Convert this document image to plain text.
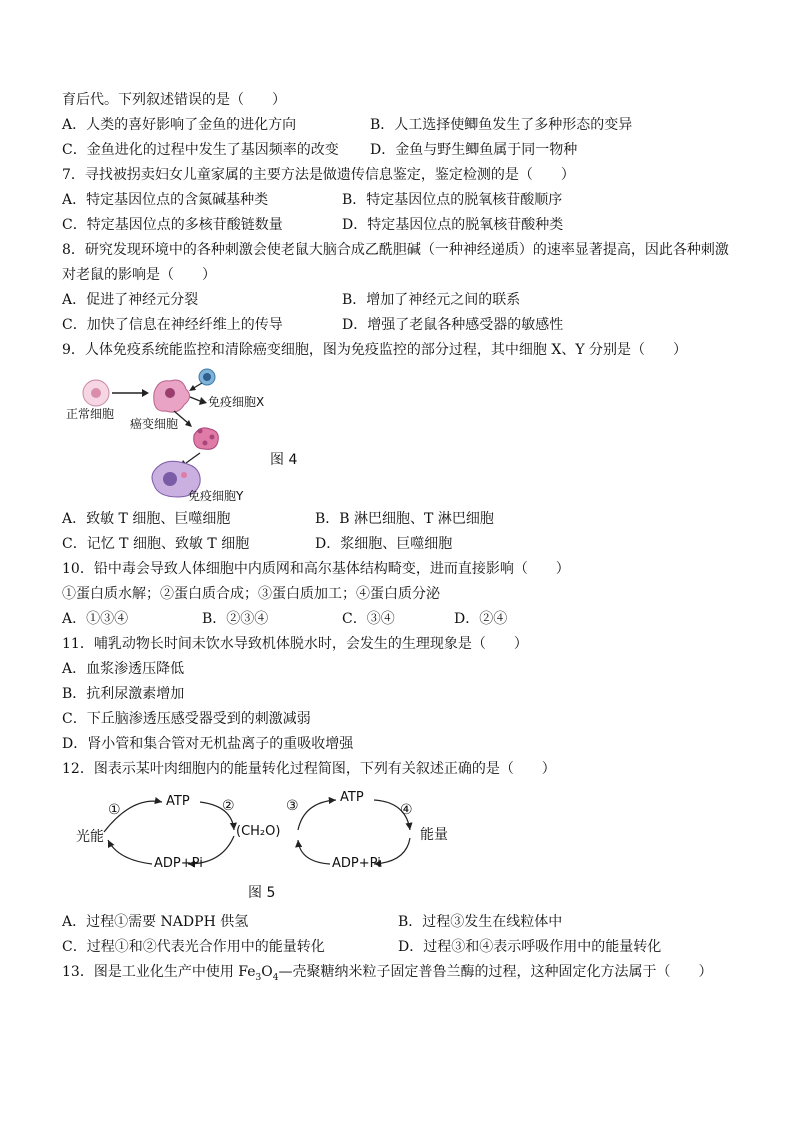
育后代。下列叙述错误的是（　　）
A．人类的喜好影响了金鱼的进化方向	B．人工选择使鲫鱼发生了多种形态的变异
C．金鱼进化的过程中发生了基因频率的改变 D．金鱼与野生鲫鱼属于同一物种
7．寻找被拐卖妇女儿童家属的主要方法是做遗传信息鉴定，鉴定检测的是（　　）
A．特定基因位点的含氮碱基种类	B．特定基因位点的脱氧核苷酸顺序
C．特定基因位点的多核苷酸链数量	D．特定基因位点的脱氧核苷酸种类
8．研究发现环境中的各种刺激会使老鼠大脑合成乙酰胆碱（一种神经递质）的速率显著提高，因此各种刺激
对老鼠的影响是（　　）
A．促进了神经元分裂	B．增加了神经元之间的联系
C．加快了信息在神经纤维上的传导	D．增强了老鼠各种感受器的敏感性
9．人体免疫系统能监控和清除癌变细胞，图为免疫监控的部分过程，其中细胞 X、Y 分别是（　　）
正常细胞
癌变细胞
免疫细胞X
免疫细胞Y
图 4
A．致敏 T 细胞、巨噬细胞	B．B 淋巴细胞、T 淋巴细胞
C．记忆 T 细胞、致敏 T 细胞	D．浆细胞、巨噬细胞
10．铅中毒会导致人体细胞中内质网和高尔基体结构畸变，进而直接影响（　　）
①蛋白质水解；②蛋白质合成；③蛋白质加工；④蛋白质分泌
A．①③④	B．②③④	C．③④	D．②④
11．哺乳动物长时间未饮水导致机体脱水时，会发生的生理现象是（　　）
A．血浆渗透压降低
B．抗利尿激素增加
C．下丘脑渗透压感受器受到的刺激减弱
D．肾小管和集合管对无机盐离子的重吸收增强
12．图表示某叶肉细胞内的能量转化过程简图，下列有关叙述正确的是（　　）
光能
①
ATP ②
ADP+Pi
(CH₂O)
③
ATP
④
能量
ADP+Pi
图 5
A．过程①需要 NADPH 供氢	B．过程③发生在线粒体中
C．过程①和②代表光合作用中的能量转化	D．过程③和④表示呼吸作用中的能量转化
13．图是工业化生产中使用 $Fe_3O_4—$壳聚糖纳米粒子固定普鲁兰酶的过程，这种固定化方法属于（　　）
